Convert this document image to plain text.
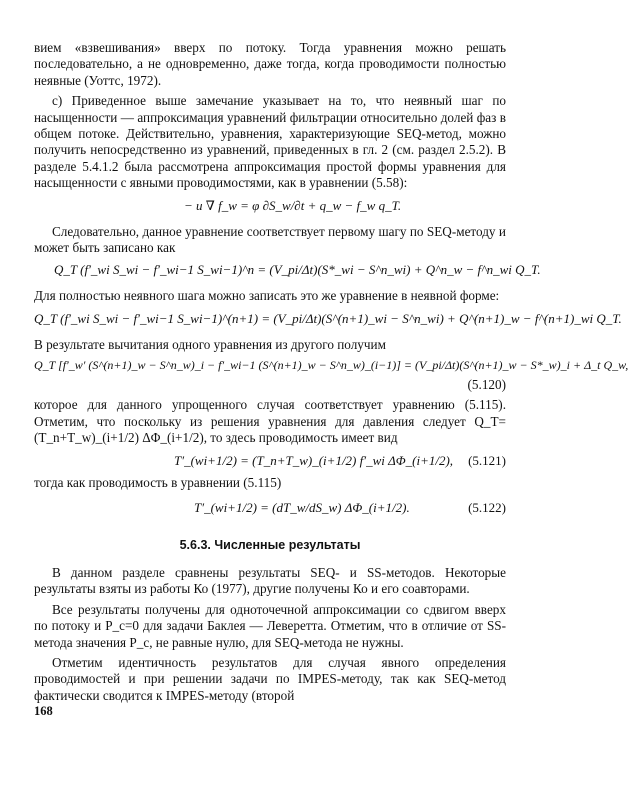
вием «взвешивания» вверх по потоку. Тогда уравнения можно решать последовательно, а не одновременно, даже тогда, когда проводимости полностью неявные (Уоттс, 1972).

с) Приведенное выше замечание указывает на то, что неявный шаг по насыщенности — аппроксимация уравнений фильтрации относительно долей фаз в общем потоке. Действительно, уравнения, характеризующие SEQ-метод, можно получить непосредственно из уравнений, приведенных в гл. 2 (см. раздел 2.5.2). В разделе 5.4.1.2 была рассмотрена аппроксимация простой формы уравнения для насыщенности с явными проводимостями, как в уравнении (5.58):

− u ∇ f_w = φ ∂S_w/∂t + q_w − f_w q_T.

Следовательно, данное уравнение соответствует первому шагу по SEQ-методу и может быть записано как

Q_T (f′_wi S_wi − f′_wi−1 S_wi−1)^n = (V_pi/Δt)(S*_wi − S^n_wi) + Q^n_w − f^n_wi Q_T.

Для полностью неявного шага можно записать это же уравнение в неявной форме:

Q_T (f′_wi S_wi − f′_wi−1 S_wi−1)^(n+1) = (V_pi/Δt)(S^(n+1)_wi − S^n_wi) + Q^(n+1)_w − f^(n+1)_wi Q_T.

В результате вычитания одного уравнения из другого получим

Q_T [f′_w′ (S^(n+1)_w − S^n_w)_i − f′_wi−1 (S^(n+1)_w − S^n_w)_(i−1)] = (V_pi/Δt)(S^(n+1)_w − S*_w)_i + Δ_t Q_w,
(5.120)

которое для данного упрощенного случая соответствует уравнению (5.115). Отметим, что поскольку из решения уравнения для давления следует Q_T=(T_n+T_w)_(i+1/2) ΔΦ_(i+1/2), то здесь проводимость имеет вид

T′_(wi+1/2) = (T_n+T_w)_(i+1/2) f′_wi ΔΦ_(i+1/2), (5.121)

тогда как проводимость в уравнении (5.115)

T′_(wi+1/2) = (dT_w/dS_w) ΔΦ_(i+1/2).	(5.122)
5.6.3. Численные результаты

В данном разделе сравнены результаты SEQ- и SS-методов. Некоторые результаты взяты из работы Ко (1977), другие получены Ко и его соавторами.

Все результаты получены для одноточечной аппроксимации со сдвигом вверх по потоку и P_c=0 для задачи Баклея — Леверетта. Отметим, что в отличие от SS-метода значения P_c, не равные нулю, для SEQ-метода не нужны.

Отметим идентичность результатов для случая явного определения проводимостей и при решении задачи по IMPES-методу, так как SEQ-метод фактически сводится к IMPES-методу (второй

168
